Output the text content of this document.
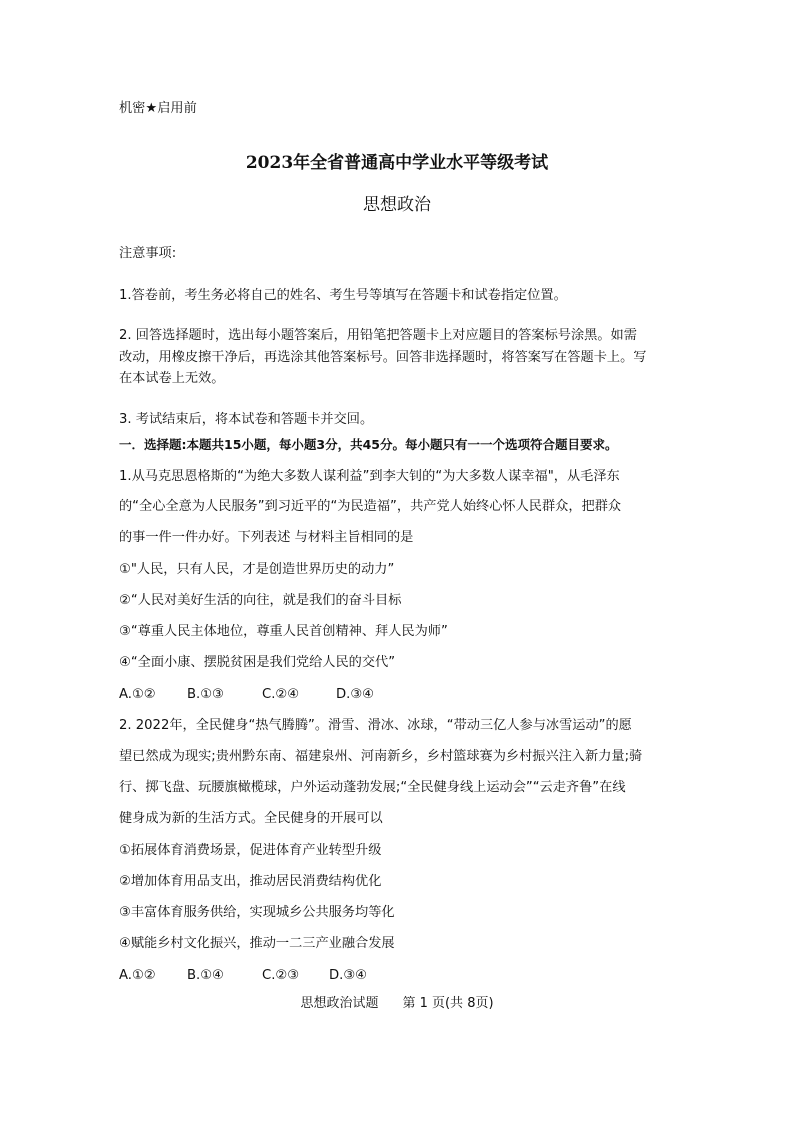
机密★启用前
2023年全省普通高中学业水平等级考试
思想政治
注意事项:
1.答卷前，考生务必将自己的姓名、考生号等填写在答题卡和试卷指定位置。
2. 回答选择题时，选出每小题答案后，用铅笔把答题卡上对应题目的答案标号涂黑。如需
改动，用橡皮擦干净后，再选涂其他答案标号。回答非选择题时，将答案写在答题卡上。写
在本试卷上无效。
3. 考试结束后，将本试卷和答题卡并交回。
一．选择题:本题共15小题，每小题3分，共45分。每小题只有一一个选项符合题目要求。
1.从马克思恩格斯的“为绝大多数人谋利益”到李大钊的“为大多数人谋幸福"，从毛泽东
的“全心全意为人民服务”到习近平的“为民造福”，共产党人始终心怀人民群众，把群众
的事一件一件办好。下列表述 与材料主旨相同的是
①"人民，只有人民，才是创造世界历史的动力”
②“人民对美好生活的向往，就是我们的奋斗目标
③“尊重人民主体地位，尊重人民首创精神、拜人民为师”
④“全面小康、摆脱贫困是我们党给人民的交代”
A.①② B.①③	C.②④	D.③④
2. 2022年，全民健身“热气腾腾”。滑雪、滑冰、冰球，“带动三亿人参与冰雪运动”的愿
望已然成为现实;贵州黔东南、福建泉州、河南新乡，乡村篮球赛为乡村振兴注入新力量;骑
行、掷飞盘、玩腰旗橄榄球，户外运动蓬勃发展;“全民健身线上运动会”“云走齐鲁”在线
健身成为新的生活方式。全民健身的开展可以
①拓展体育消费场景，促进体育产业转型升级
②增加体育用品支出，推动居民消费结构优化
③丰富体育服务供给，实现城乡公共服务均等化
④赋能乡村文化振兴，推动一二三产业融合发展
A.①② B.①④	C.②③ D.③④
思想政治试题 第 1 页(共 8页)
